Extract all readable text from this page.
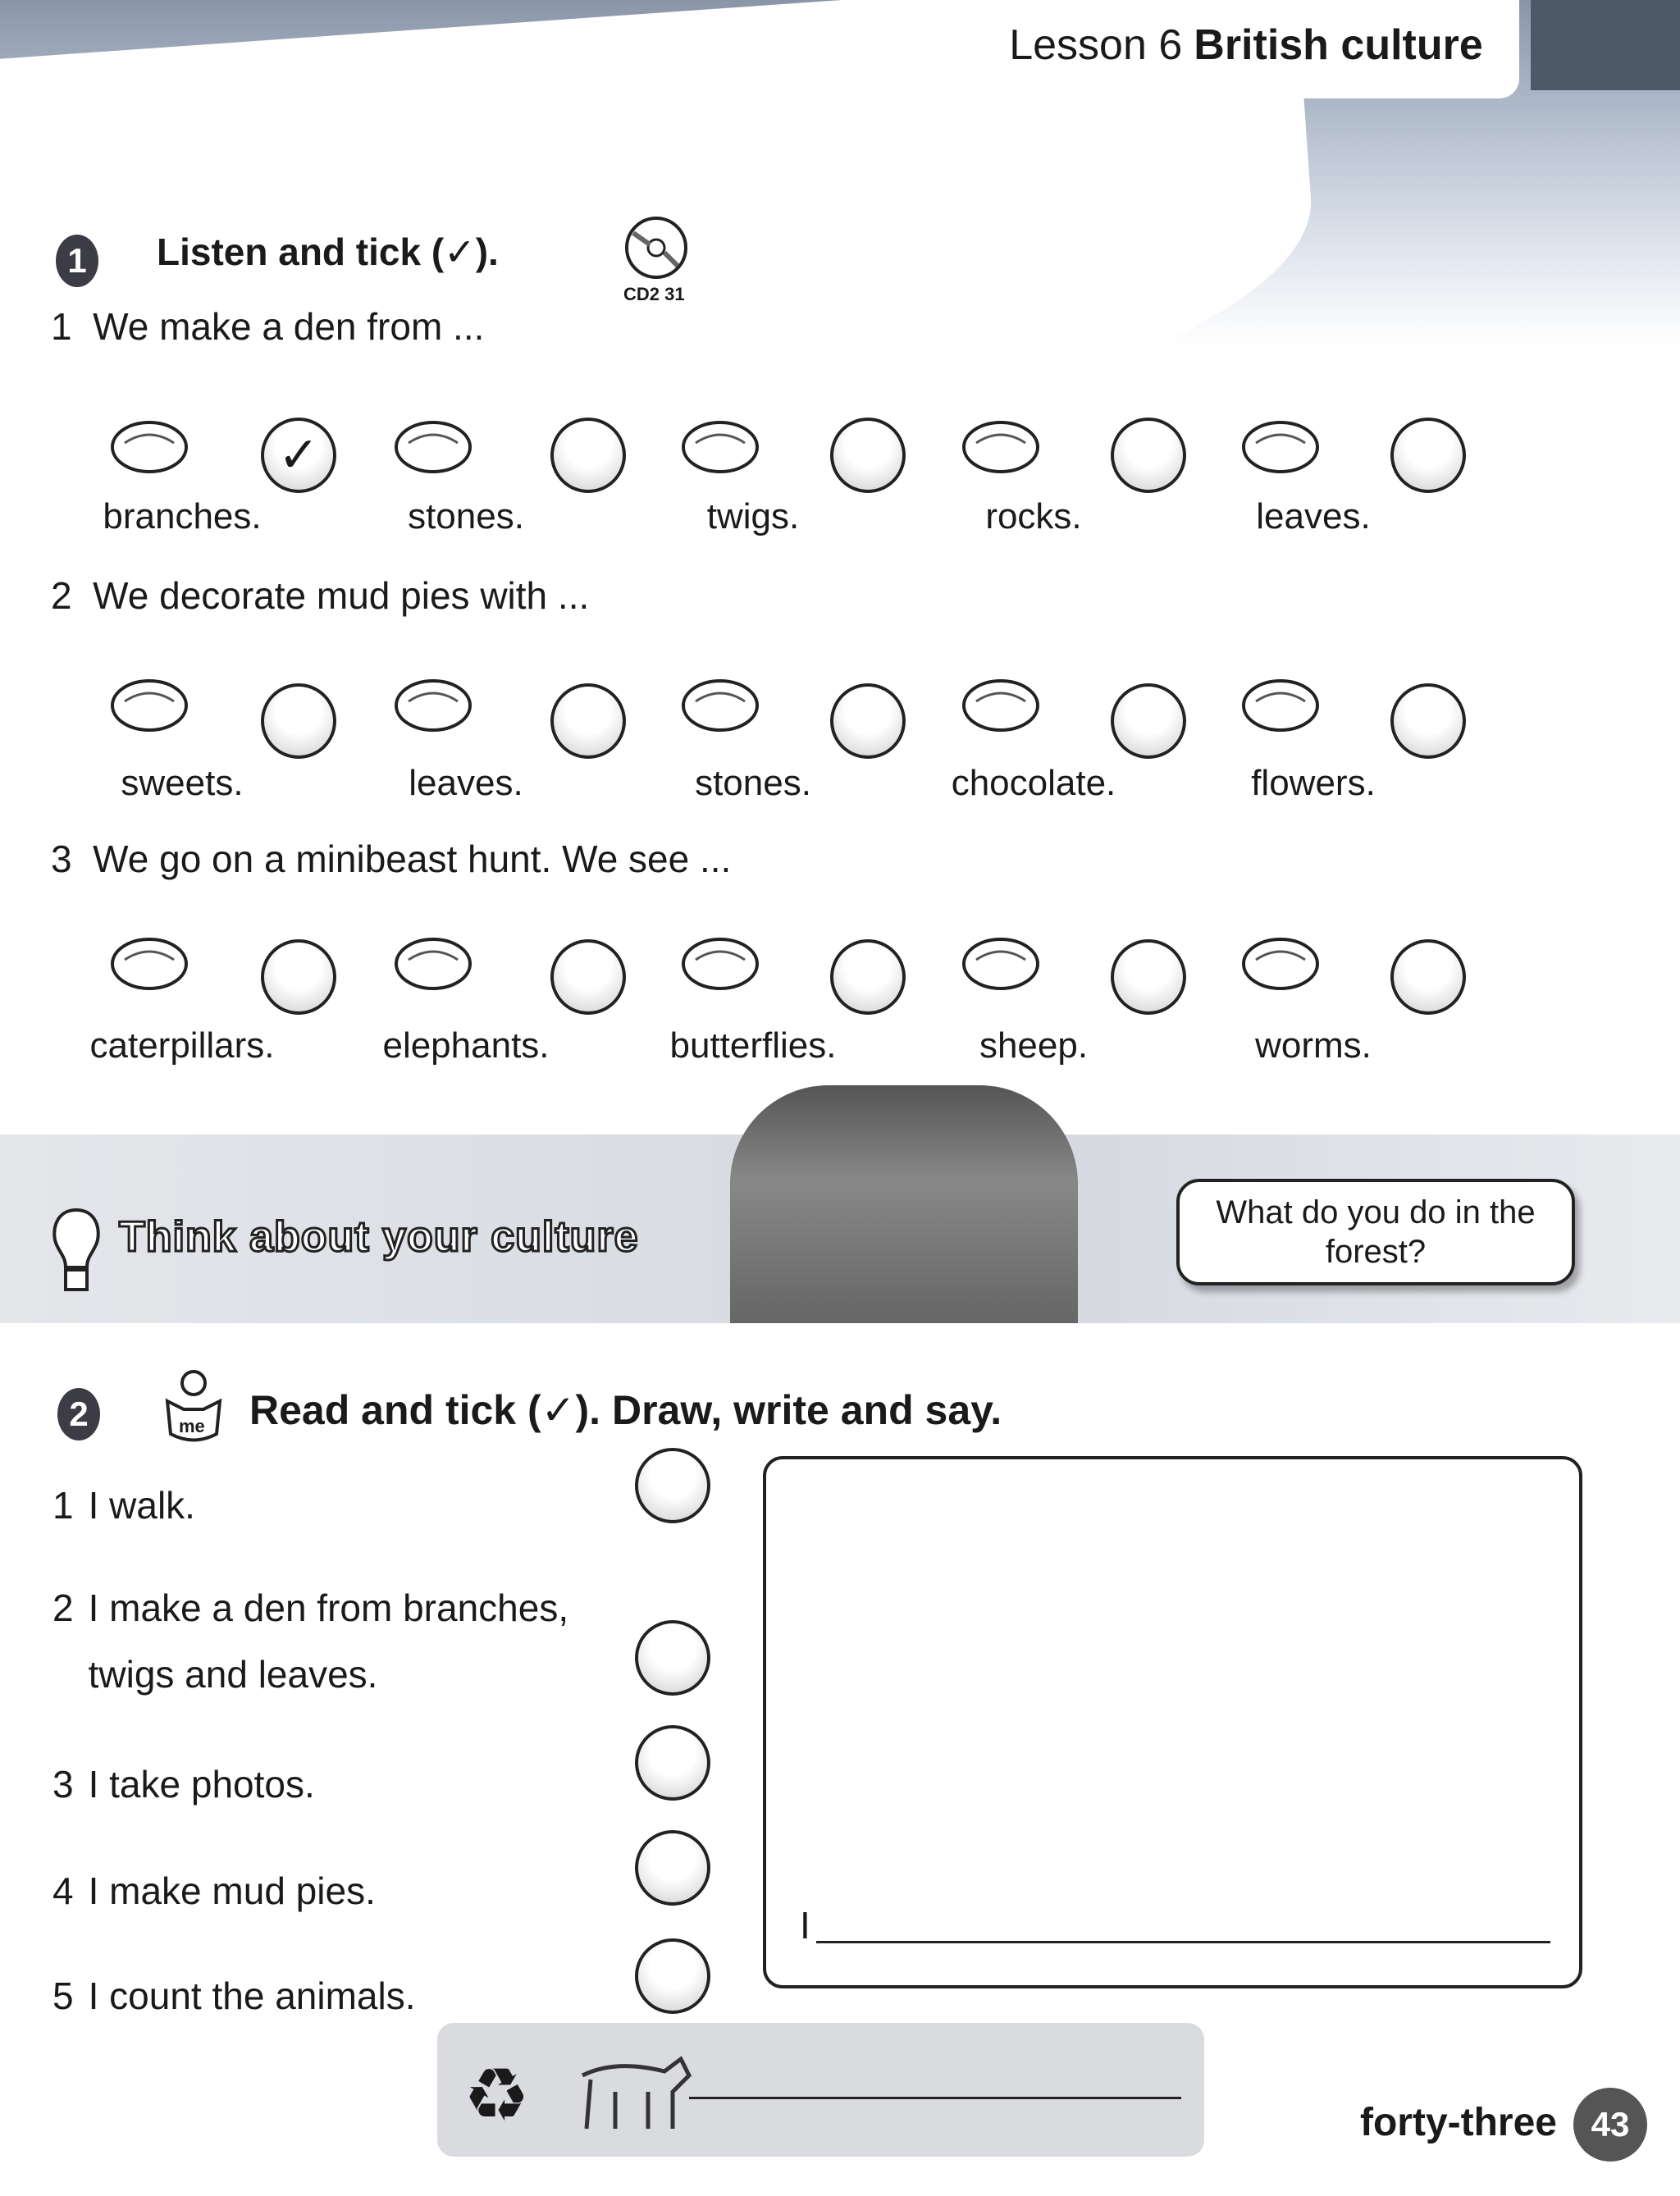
Lesson 6 British culture
1	Listen and tick (✓).
CD2 31
1 We make a den from ...
✓
branches.	stones.	twigs.	rocks.	leaves.
2 We decorate mud pies with ...
sweets.	leaves.	stones.	chocolate.	flowers.
3 We go on a minibeast hunt. We see ...
caterpillars.	elephants.	butterflies.	sheep.	worms.
Think about your culture
What do you do in the forest?
2	me Read and tick (✓). Draw, write and say.
1 I walk.
2 I make a den from branches, twigs and leaves.
3 I take photos.
4 I make mud pies.
5 I count the animals.
I
♻	forty-three 43
